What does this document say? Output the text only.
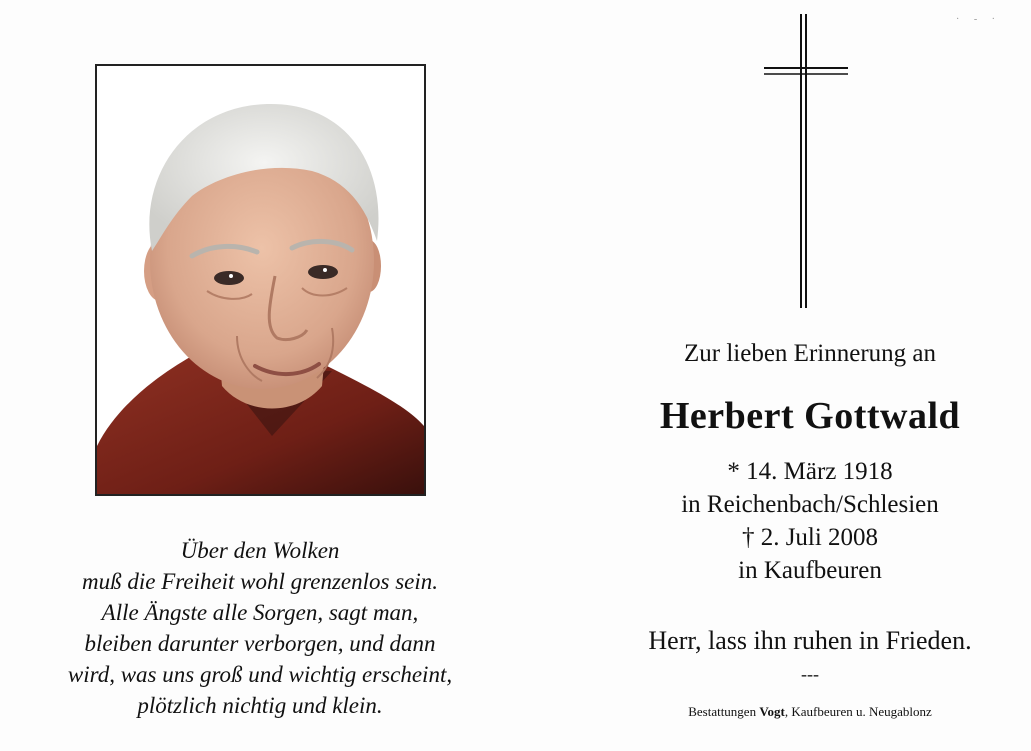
· - ·
Über den Wolken
muß die Freiheit wohl grenzenlos sein.
Alle Ängste alle Sorgen, sagt man,
bleiben darunter verborgen, und dann
wird, was uns groß und wichtig erscheint,
plötzlich nichtig und klein.
Zur lieben Erinnerung an
Herbert Gottwald
* 14. März 1918
in Reichenbach/Schlesien
† 2. Juli 2008
in Kaufbeuren
Herr, lass ihn ruhen in Frieden.
---
Bestattungen Vogt, Kaufbeuren u. Neugablonz
